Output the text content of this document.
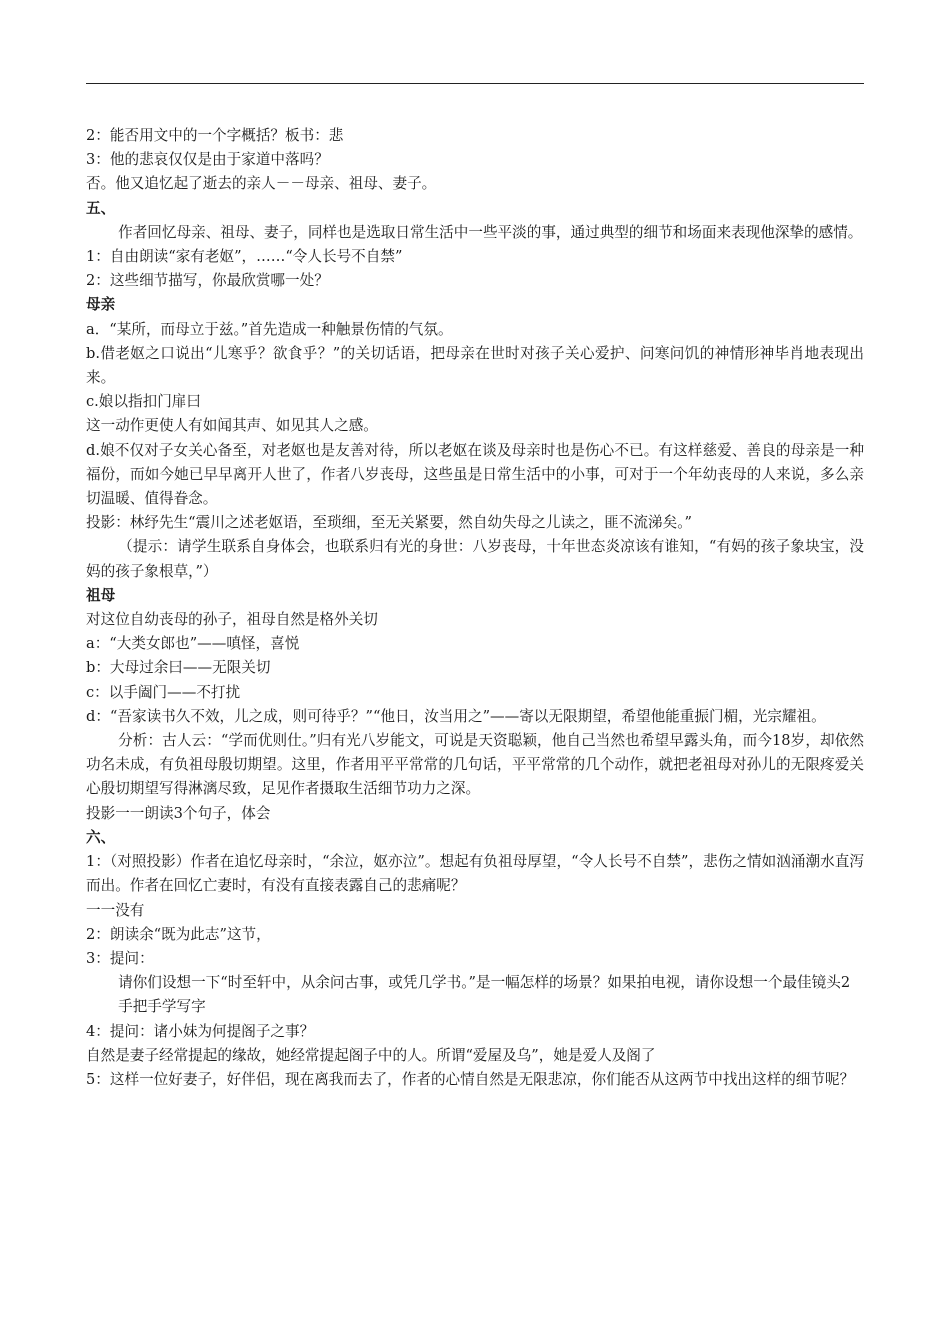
2：能否用文中的一个字概括？板书：悲

3：他的悲哀仅仅是由于家道中落吗？

否。他又追忆起了逝去的亲人－－母亲、祖母、妻子。

五、

作者回忆母亲、祖母、妻子，同样也是选取日常生活中一些平淡的事，通过典型的细节和场面来表现他深挚的感情。

1：自由朗读“家有老妪”，……“令人长号不自禁”

2：这些细节描写，你最欣赏哪一处？

母亲

a．“某所，而母立于兹。”首先造成一种触景伤情的气氛。

b.借老妪之口说出“儿寒乎？欲食乎？”的关切话语，把母亲在世时对孩子关心爱护、问寒问饥的神情形神毕肖地表现出来。

c.娘以指扣门扉曰

这一动作更使人有如闻其声、如见其人之感。

d.娘不仅对子女关心备至，对老妪也是友善对待，所以老妪在谈及母亲时也是伤心不已。有这样慈爱、善良的母亲是一种福份，而如今她已早早离开人世了，作者八岁丧母，这些虽是日常生活中的小事，可对于一个年幼丧母的人来说，多么亲切温暖、值得眷念。

投影：林纾先生“震川之述老妪语，至琐细，至无关紧要，然自幼失母之儿读之，匪不流涕矣。”

（提示：请学生联系自身体会，也联系归有光的身世：八岁丧母，十年世态炎凉该有谁知，“有妈的孩子象块宝，没妈的孩子象根草，”）

祖母

对这位自幼丧母的孙子，祖母自然是格外关切

a：“大类女郎也”——嗔怪，喜悦

b：大母过余曰——无限关切

c：以手阖门——不打扰

d：“吾家读书久不效，儿之成，则可待乎？”“他日，汝当用之”——寄以无限期望，希望他能重振门楣，光宗耀祖。

分析：古人云：“学而优则仕。”归有光八岁能文，可说是天资聪颖，他自己当然也希望早露头角，而今18岁，却依然功名未成，有负祖母殷切期望。这里，作者用平平常常的几句话，平平常常的几个动作，就把老祖母对孙儿的无限疼爱关心殷切期望写得淋漓尽致，足见作者摄取生活细节功力之深。

投影一一朗读3个句子，体会

六、

1：（对照投影）作者在追忆母亲时，“余泣，妪亦泣”。想起有负祖母厚望，“令人长号不自禁”，悲伤之情如汹涌潮水直泻而出。作者在回忆亡妻时，有没有直接表露自己的悲痛呢？

一一没有

2：朗读余“既为此志”这节，

3：提问：

请你们设想一下“时至轩中，从余问古事，或凭几学书。”是一幅怎样的场景？如果拍电视，请你设想一个最佳镜头2

手把手学写字

4：提问：诸小妹为何提阁子之事？

自然是妻子经常提起的缘故，她经常提起阁子中的人。所谓“爱屋及乌”，她是爱人及阁了

5：这样一位好妻子，好伴侣，现在离我而去了，作者的心情自然是无限悲凉，你们能否从这两节中找出这样的细节呢？
